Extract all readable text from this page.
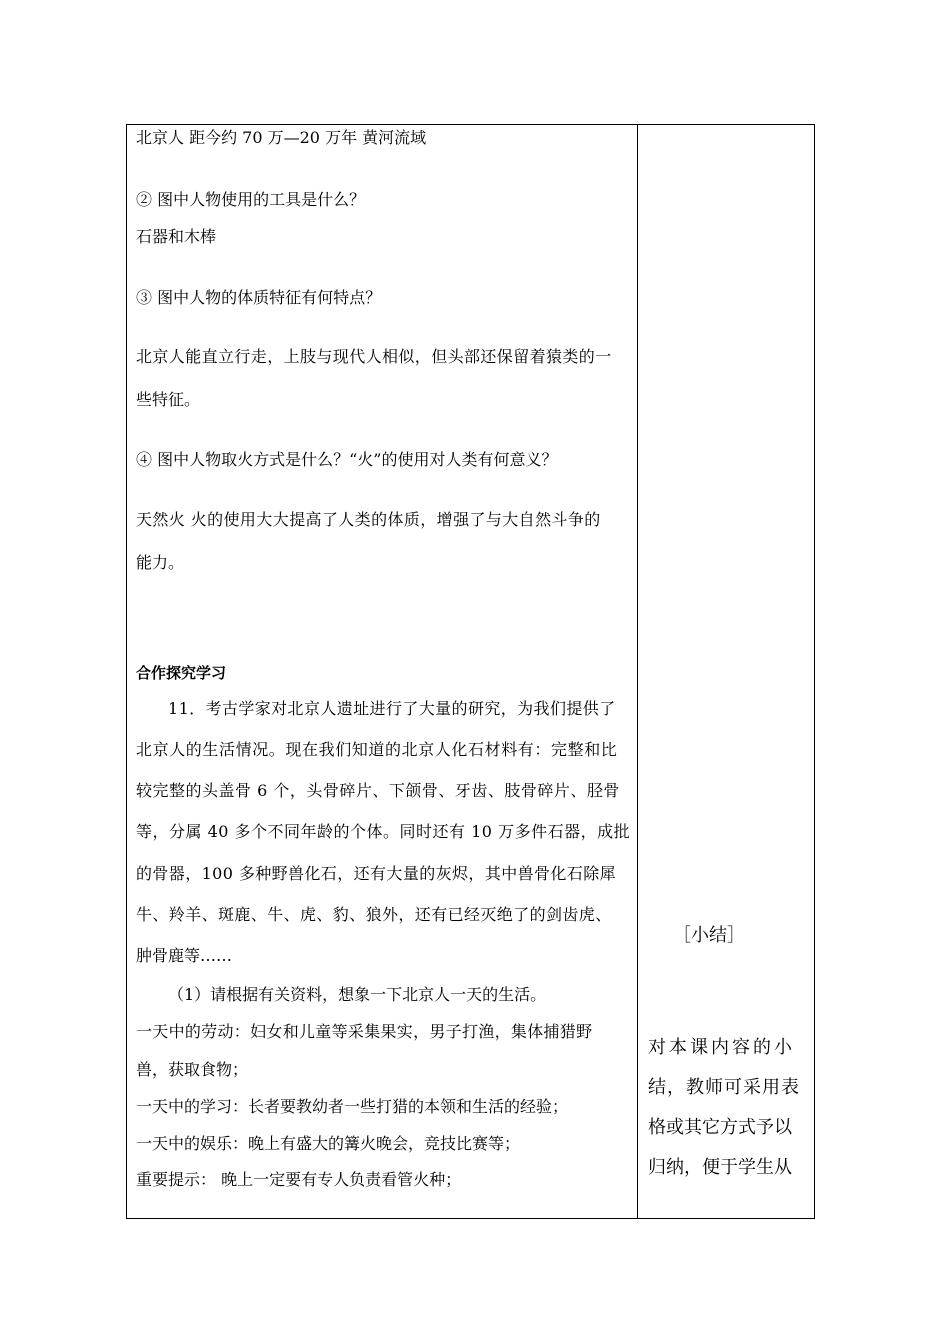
北京人 距今约 70 万—20 万年 黄河流域
② 图中人物使用的工具是什么？
石器和木棒
③ 图中人物的体质特征有何特点？
北京人能直立行走，上肢与现代人相似，但头部还保留着猿类的一
些特征。
④ 图中人物取火方式是什么？“火”的使用对人类有何意义？
天然火 火的使用大大提高了人类的体质，增强了与大自然斗争的
能力。
合作探究学习
11．考古学家对北京人遗址进行了大量的研究，为我们提供了
北京人的生活情况。现在我们知道的北京人化石材料有：完整和比
较完整的头盖骨 6 个，头骨碎片、下颌骨、牙齿、肢骨碎片、胫骨
等，分属 40 多个不同年龄的个体。同时还有 10 万多件石器，成批
的骨器，100 多种野兽化石，还有大量的灰烬，其中兽骨化石除犀
牛、羚羊、斑鹿、牛、虎、豹、狼外，还有已经灭绝了的剑齿虎、
肿骨鹿等……
（1）请根据有关资料，想象一下北京人一天的生活。
一天中的劳动：妇女和儿童等采集果实，男子打渔，集体捕猎野
兽，获取食物；
一天中的学习：长者要教幼者一些打猎的本领和生活的经验；
一天中的娱乐：晚上有盛大的篝火晚会，竞技比赛等；
重要提示： 晚上一定要有专人负责看管火种；
［小结］
对本课内容的小
结，教师可采用表
格或其它方式予以
归纳，便于学生从
